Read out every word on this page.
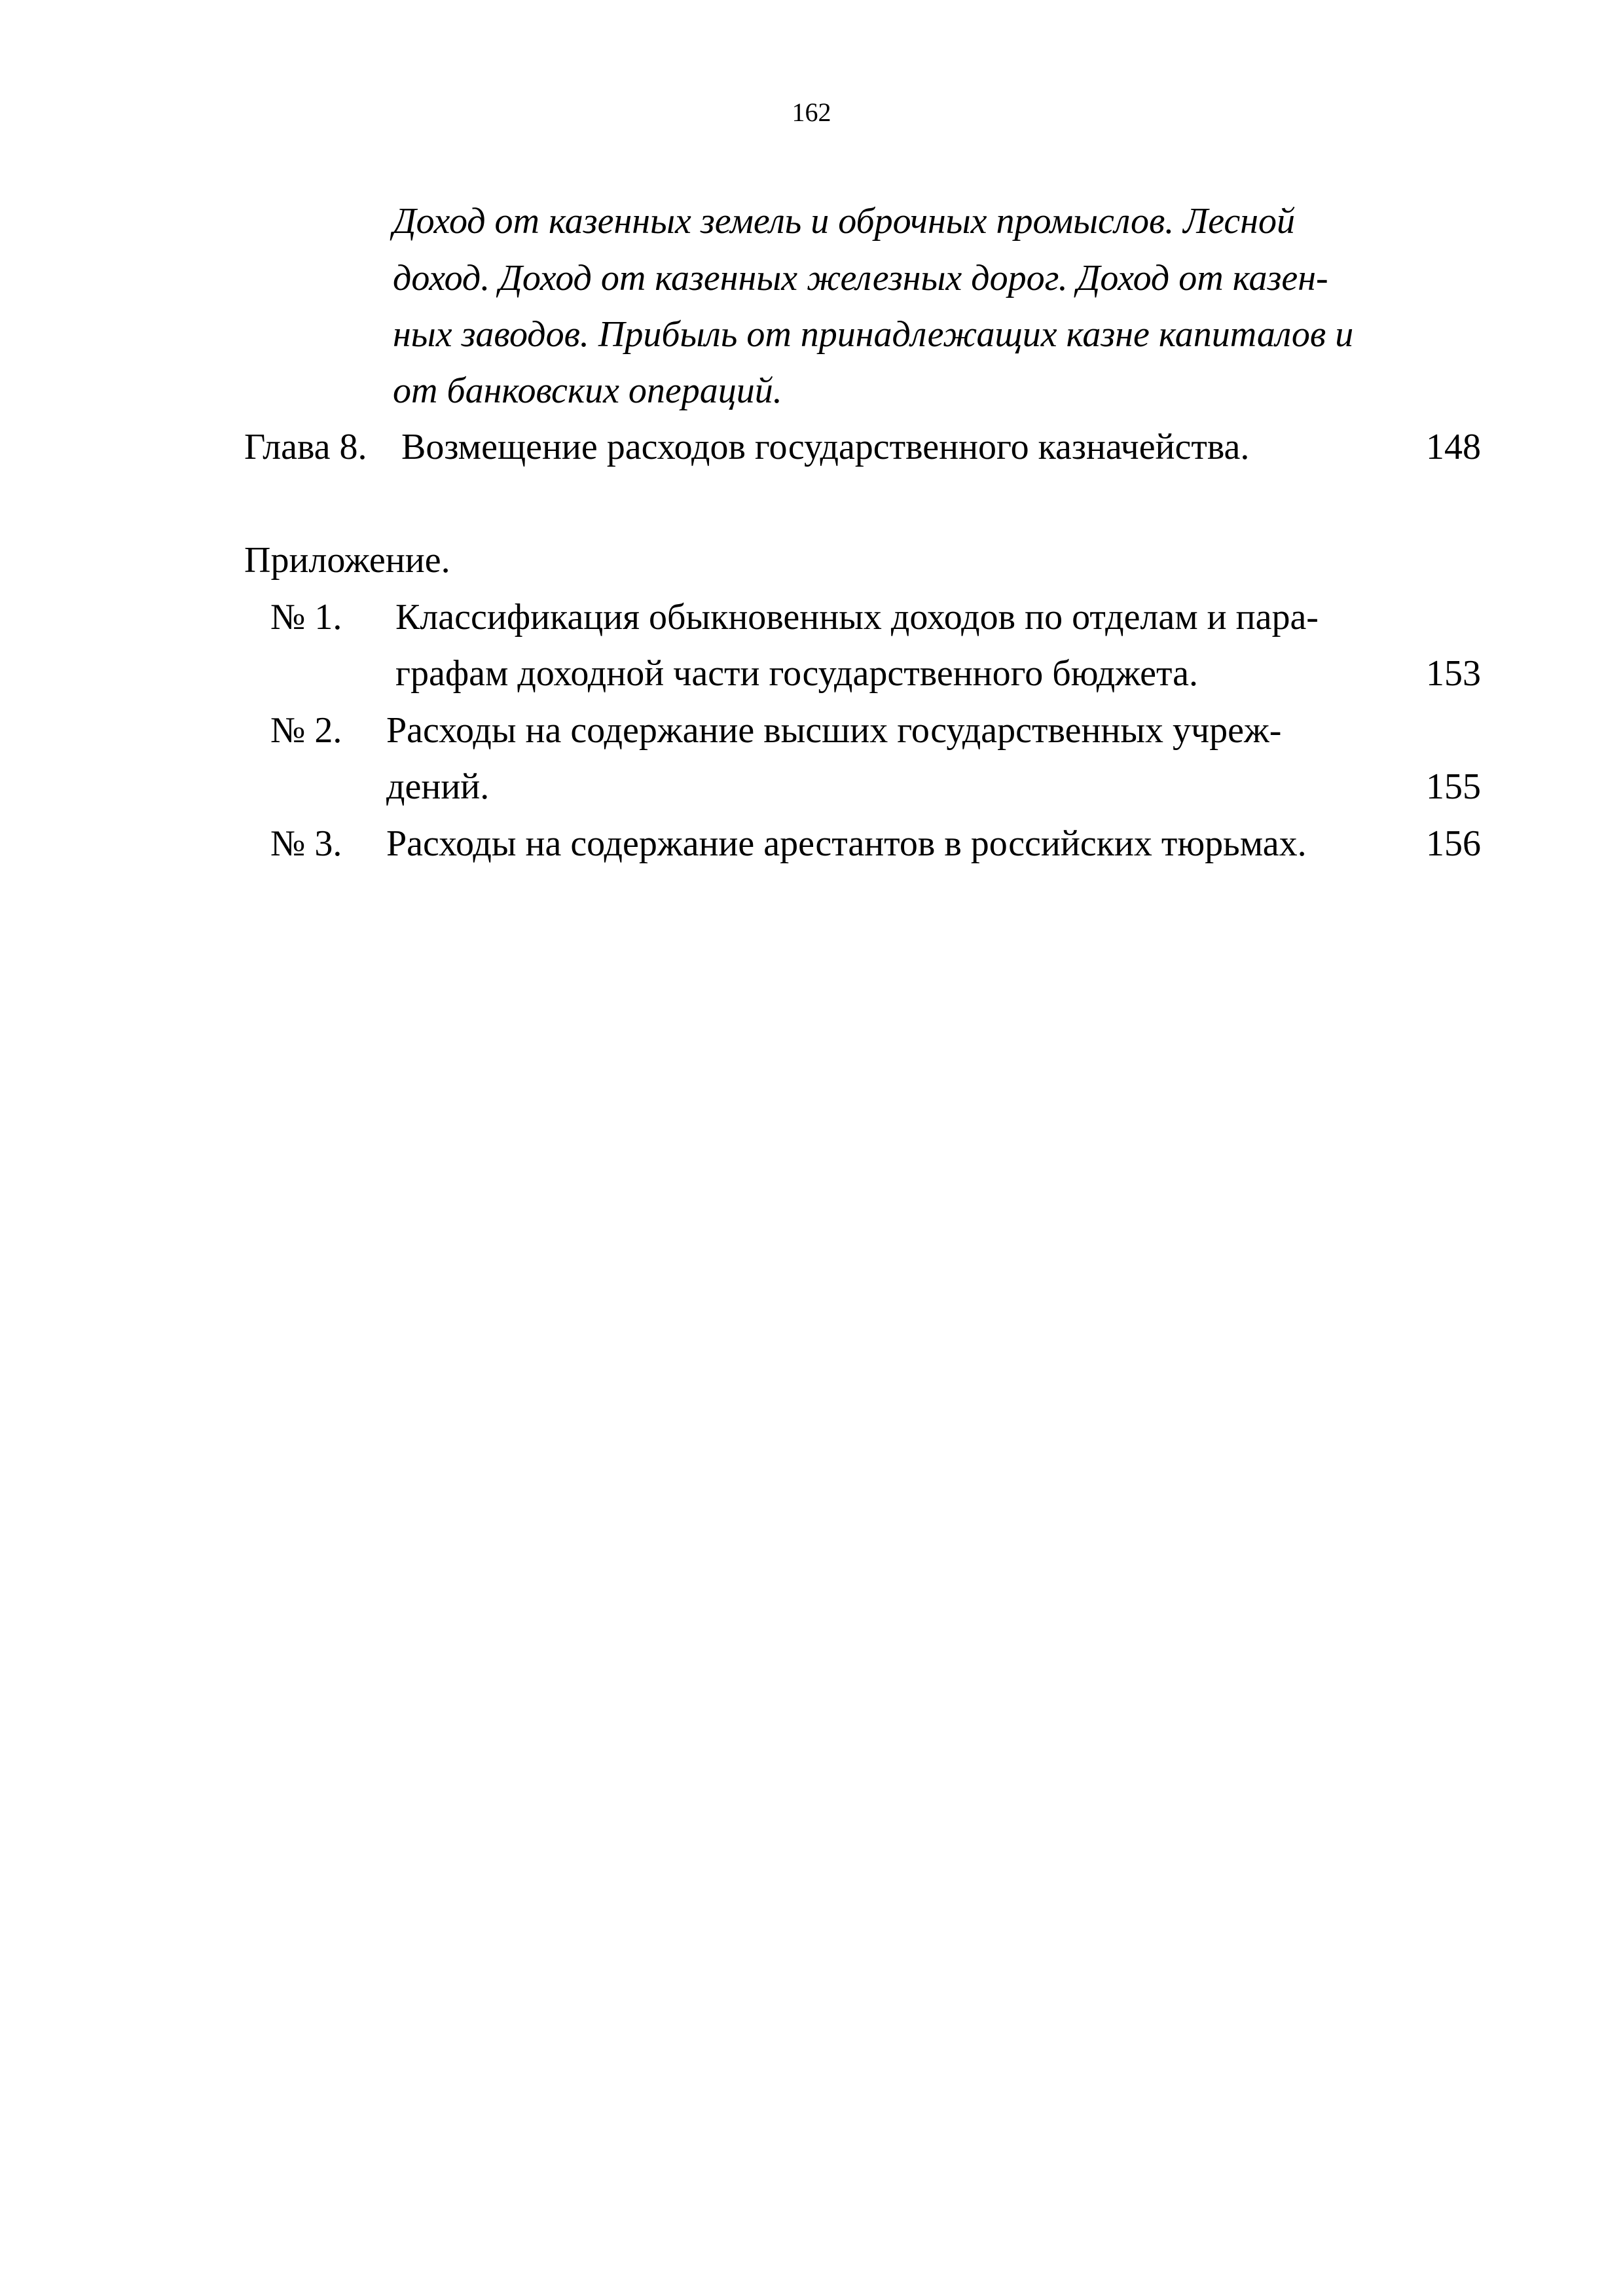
162
Доход от казенных земель и оброчных промыслов. Лесной
доход. Доход от казенных железных дорог. Доход от казен-
ных заводов. Прибыль от принадлежащих казне капиталов и
от банковских операций.
Глава 8. Возмещение расходов государственного казначейства.	148
Приложение.
№ 1. Классификация обыкновенных доходов по отделам и пара-
графам доходной части государственного бюджета.	153
№ 2. Расходы на содержание высших государственных учреж-
дений.	155
№ 3. Расходы на содержание арестантов в российских тюрьмах.	156
